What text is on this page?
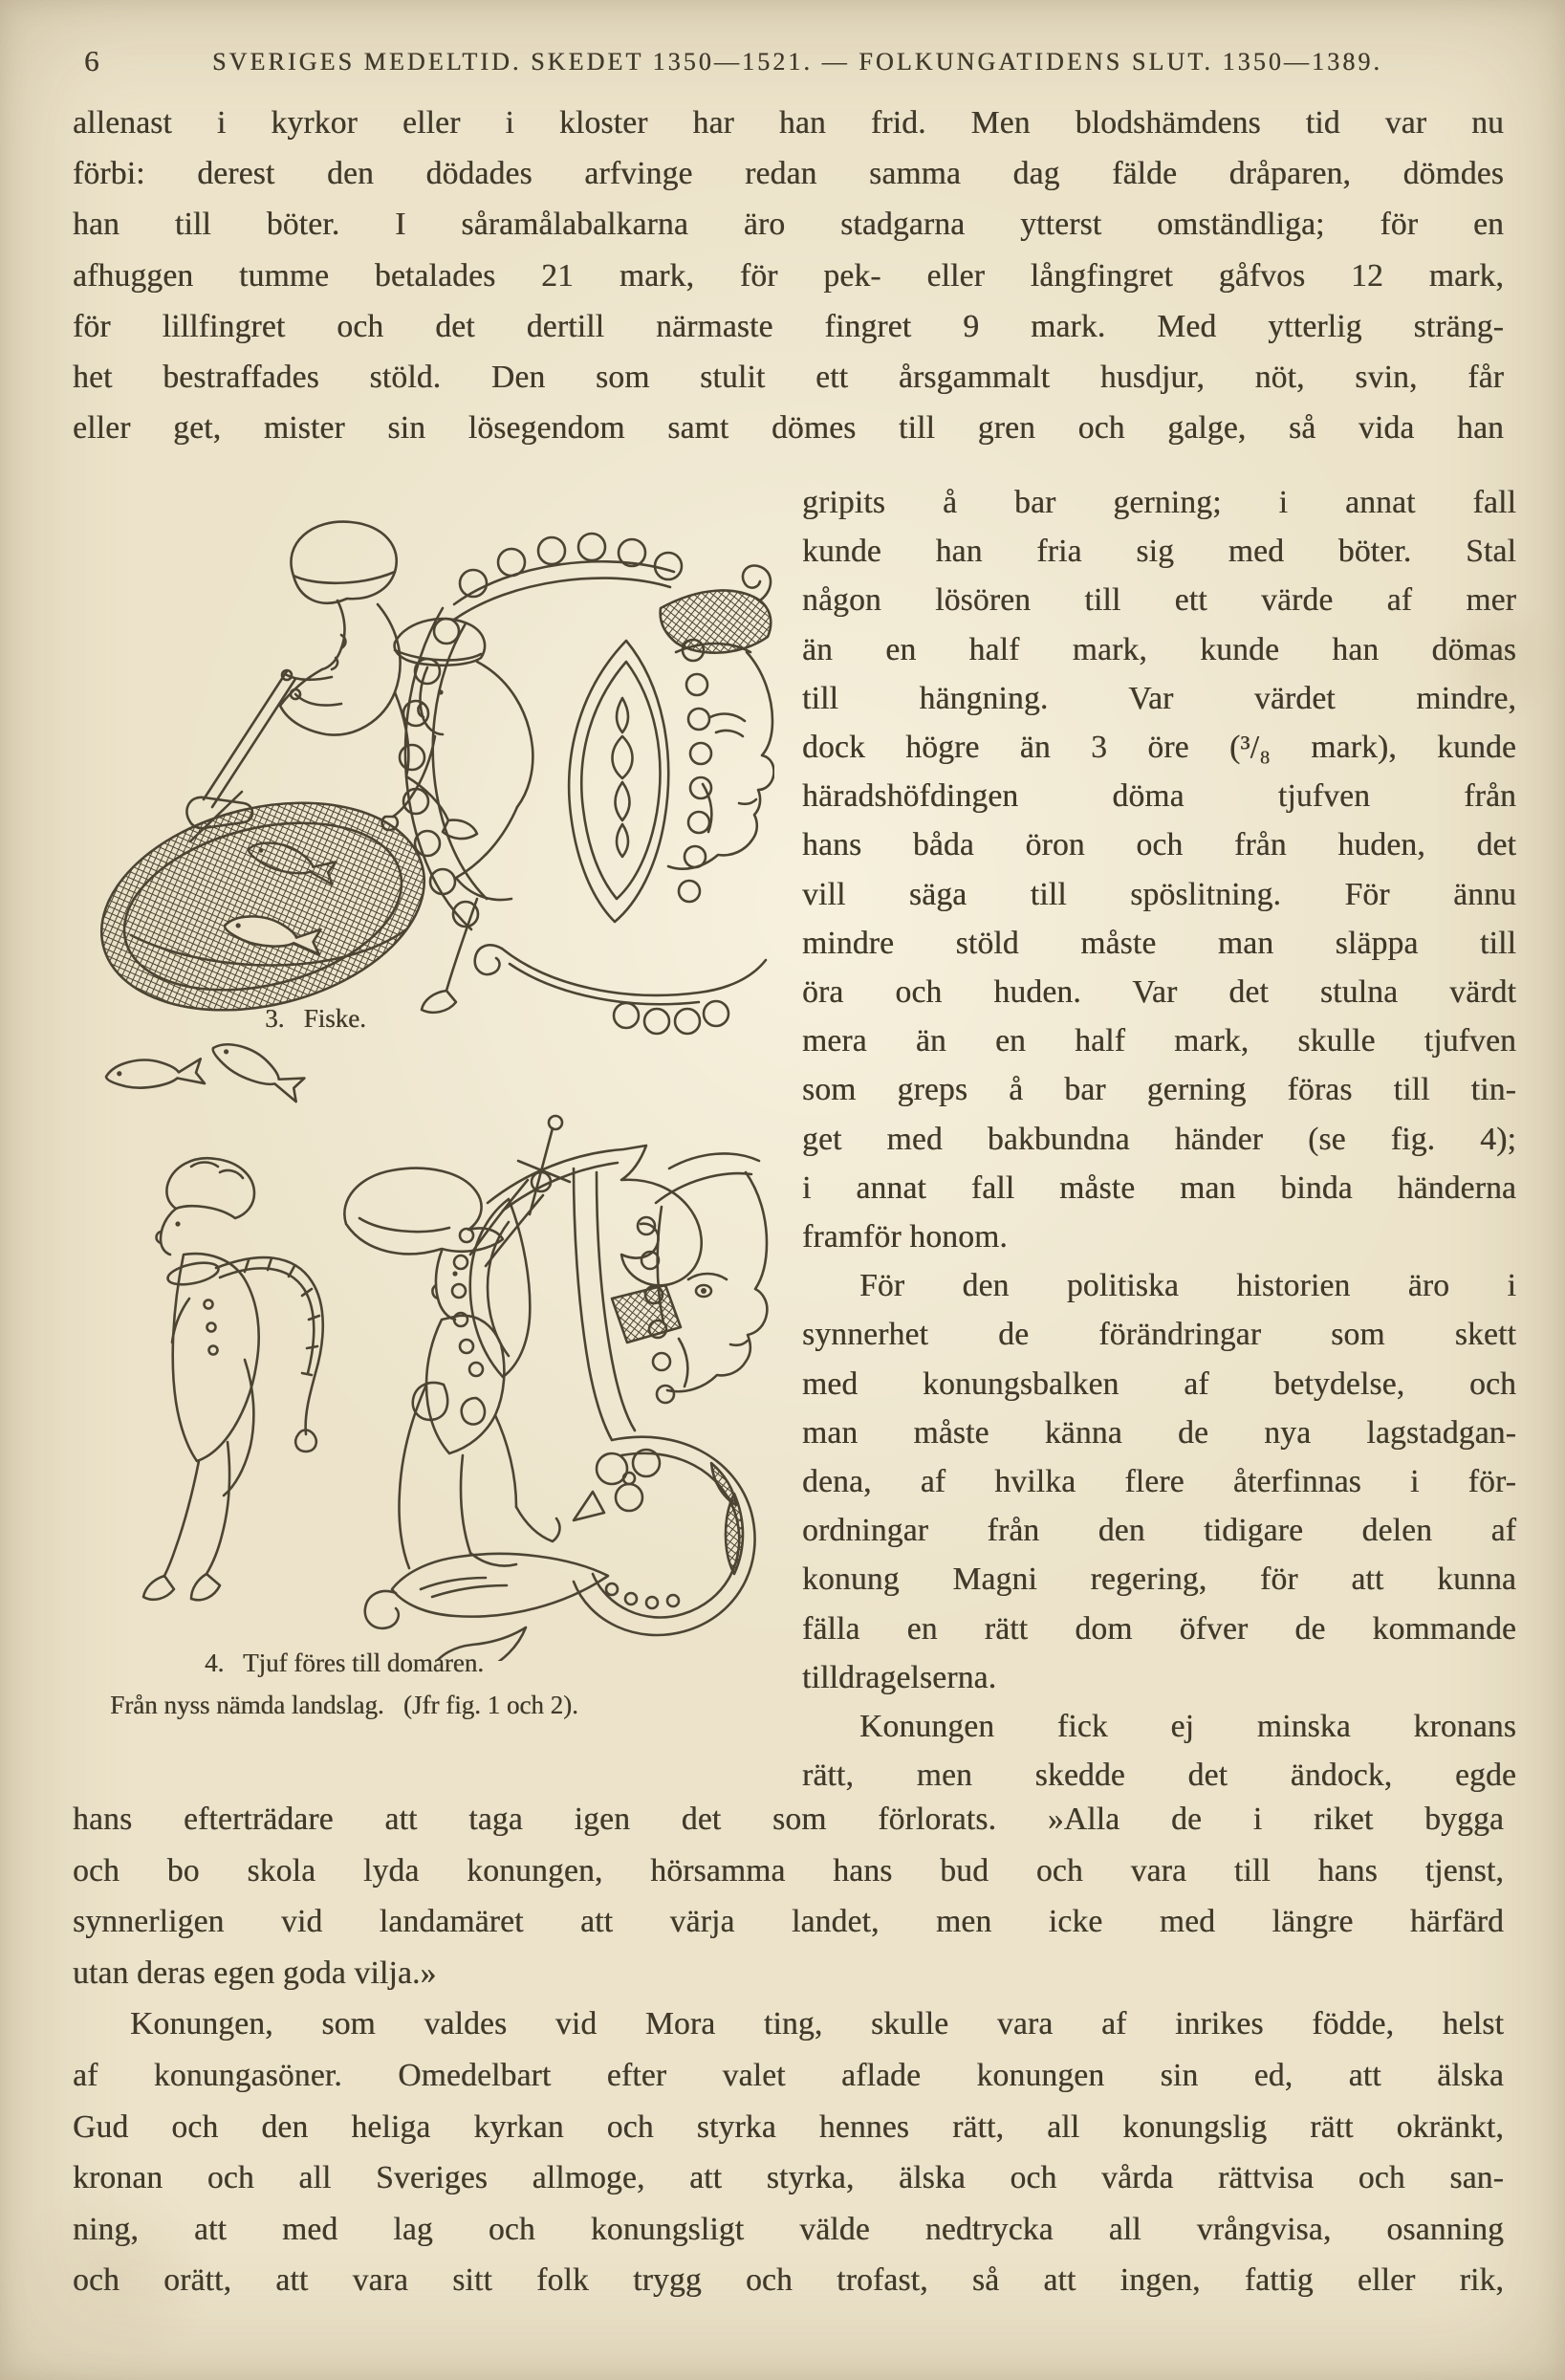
6	SVERIGES MEDELTID. SKEDET 1350—1521. — FOLKUNGATIDENS SLUT. 1350—1389.
allenast i kyrkor eller i kloster har han frid. Men blodshämdens tid var nu
förbi: derest den dödades arfvinge redan samma dag fälde dråparen, dömdes
han till böter. I såramålabalkarna äro stadgarna ytterst omständliga; för en
afhuggen tumme betalades 21 mark, för pek- eller långfingret gåfvos 12 mark,
för lillfingret och det dertill närmaste fingret 9 mark. Med ytterlig sträng-
het bestraffades stöld. Den som stulit ett årsgammalt husdjur, nöt, svin, får
eller get, mister sin lösegendom samt dömes till gren och galge, så vida han
3.   Fiske.
gripits å bar gerning; i annat fall
kunde han fria sig med böter. Stal
någon lösören till ett värde af mer
än en half mark, kunde han dömas
till hängning. Var värdet mindre,
dock högre än 3 öre (³/₈ mark), kunde
häradshöfdingen döma tjufven från
hans båda öron och från huden, det
vill säga till spöslitning. För ännu
mindre stöld måste man släppa till
öra och huden. Var det stulna värdt
mera än en half mark, skulle tjufven
som greps å bar gerning föras till tin-
get med bakbundna händer (se fig. 4);
i annat fall måste man binda händerna
framför honom.
För den politiska historien äro i
synnerhet de förändringar som skett
med konungsbalken af betydelse, och
man måste känna de nya lagstadgan-
dena, af hvilka flere återfinnas i för-
ordningar från den tidigare delen af
konung Magni regering, för att kunna
fälla en rätt dom öfver de kommande
tilldragelserna.
Konungen fick ej minska kronans
rätt, men skedde det ändock, egde
4.   Tjuf föres till domaren.
Från nyss nämda landslag.   (Jfr fig. 1 och 2).
hans efterträdare att taga igen det som förlorats. »Alla de i riket bygga
och bo skola lyda konungen, hörsamma hans bud och vara till hans tjenst,
synnerligen vid landamäret att värja landet, men icke med längre härfärd
utan deras egen goda vilja.»
Konungen, som valdes vid Mora ting, skulle vara af inrikes födde, helst
af konungasöner. Omedelbart efter valet aflade konungen sin ed, att älska
Gud och den heliga kyrkan och styrka hennes rätt, all konungslig rätt okränkt,
kronan och all Sveriges allmoge, att styrka, älska och vårda rättvisa och san-
ning, att med lag och konungsligt välde nedtrycka all vrångvisa, osanning
och orätt, att vara sitt folk trygg och trofast, så att ingen, fattig eller rik,
